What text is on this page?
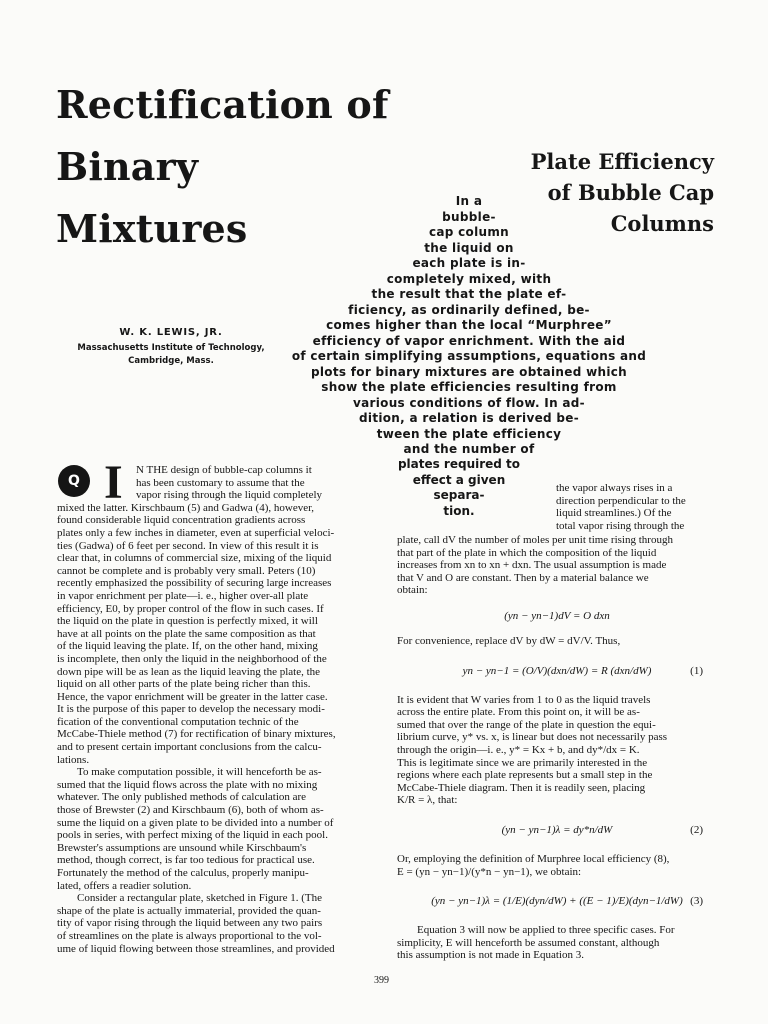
Rectification of
Binary
Mixtures
Plate Efficiency
of Bubble Cap
Columns
In a
bubble-
cap column
the liquid on
each plate is in-
completely mixed, with
the result that the plate ef-
ficiency, as ordinarily defined, be-
comes higher than the local “Murphree”
efficiency of vapor enrichment. With the aid
of certain simplifying assumptions, equations and
plots for binary mixtures are obtained which
show the plate efficiencies resulting from
various conditions of flow. In ad-
dition, a relation is derived be-
tween the plate efficiency
and the number of
W. K. LEWIS, JR.
Massachusetts Institute of Technology,
Cambridge, Mass.
Q I	N THE design of bubble-cap columns it
has been customary to assume that the
vapor rising through the liquid completely
mixed the latter. Kirschbaum (5) and Gadwa (4), however,
found considerable liquid concentration gradients across
plates only a few inches in diameter, even at superficial veloci-
ties (Gadwa) of 6 feet per second. In view of this result it is
clear that, in columns of commercial size, mixing of the liquid
cannot be complete and is probably very small. Peters (10)
recently emphasized the possibility of securing large increases
in vapor enrichment per plate—i. e., higher over-all plate
efficiency, E0, by proper control of the flow in such cases. If
the liquid on the plate in question is perfectly mixed, it will
have at all points on the plate the same composition as that
of the liquid leaving the plate. If, on the other hand, mixing
is incomplete, then only the liquid in the neighborhood of the
down pipe will be as lean as the liquid leaving the plate, the
liquid on all other parts of the plate being richer than this.
Hence, the vapor enrichment will be greater in the latter case.
It is the purpose of this paper to develop the necessary modi-
fication of the conventional computation technic of the
McCabe-Thiele method (7) for rectification of binary mixtures,
and to present certain important conclusions from the calcu-
lations.
To make computation possible, it will henceforth be as-
sumed that the liquid flows across the plate with no mixing
whatever. The only published methods of calculation are
those of Brewster (2) and Kirschbaum (6), both of whom as-
sume the liquid on a given plate to be divided into a number of
pools in series, with perfect mixing of the liquid in each pool.
Brewster's assumptions are unsound while Kirschbaum's
method, though correct, is far too tedious for practical use.
Fortunately the method of the calculus, properly manipu-
lated, offers a readier solution.
Consider a rectangular plate, sketched in Figure 1. (The
shape of the plate is actually immaterial, provided the quan-
tity of vapor rising through the liquid between any two pairs
of streamlines on the plate is always proportional to the vol-
ume of liquid flowing between those streamlines, and provided
plates required to
effect a given
separa-
tion.
the vapor always rises in a
direction perpendicular to the
liquid streamlines.) Of the
total vapor rising through the
plate, call dV the number of moles per unit time rising through
that part of the plate in which the composition of the liquid
increases from xn to xn + dxn. The usual assumption is made
that V and O are constant. Then by a material balance we
obtain:
(yn − yn−1)dV = O dxn
For convenience, replace dV by dW = dV/V. Thus,
yn − yn−1 = (O/V)(dxn/dW) = R (dxn/dW)	(1)
It is evident that W varies from 1 to 0 as the liquid travels
across the entire plate. From this point on, it will be as-
sumed that over the range of the plate in question the equi-
librium curve, y* vs. x, is linear but does not necessarily pass
through the origin—i. e., y* = Kx + b, and dy*/dx = K.
This is legitimate since we are primarily interested in the
regions where each plate represents but a small step in the
McCabe-Thiele diagram. Then it is readily seen, placing
K/R = λ, that:
(yn − yn−1)λ = dy*n/dW	(2)
Or, employing the definition of Murphree local efficiency (8),
E = (yn − yn−1)/(y*n − yn−1), we obtain:
(yn − yn−1)λ = (1/E)(dyn/dW) + ((E − 1)/E)(dyn−1/dW) (3)
Equation 3 will now be applied to three specific cases. For
simplicity, E will henceforth be assumed constant, although
this assumption is not made in Equation 3.
399
